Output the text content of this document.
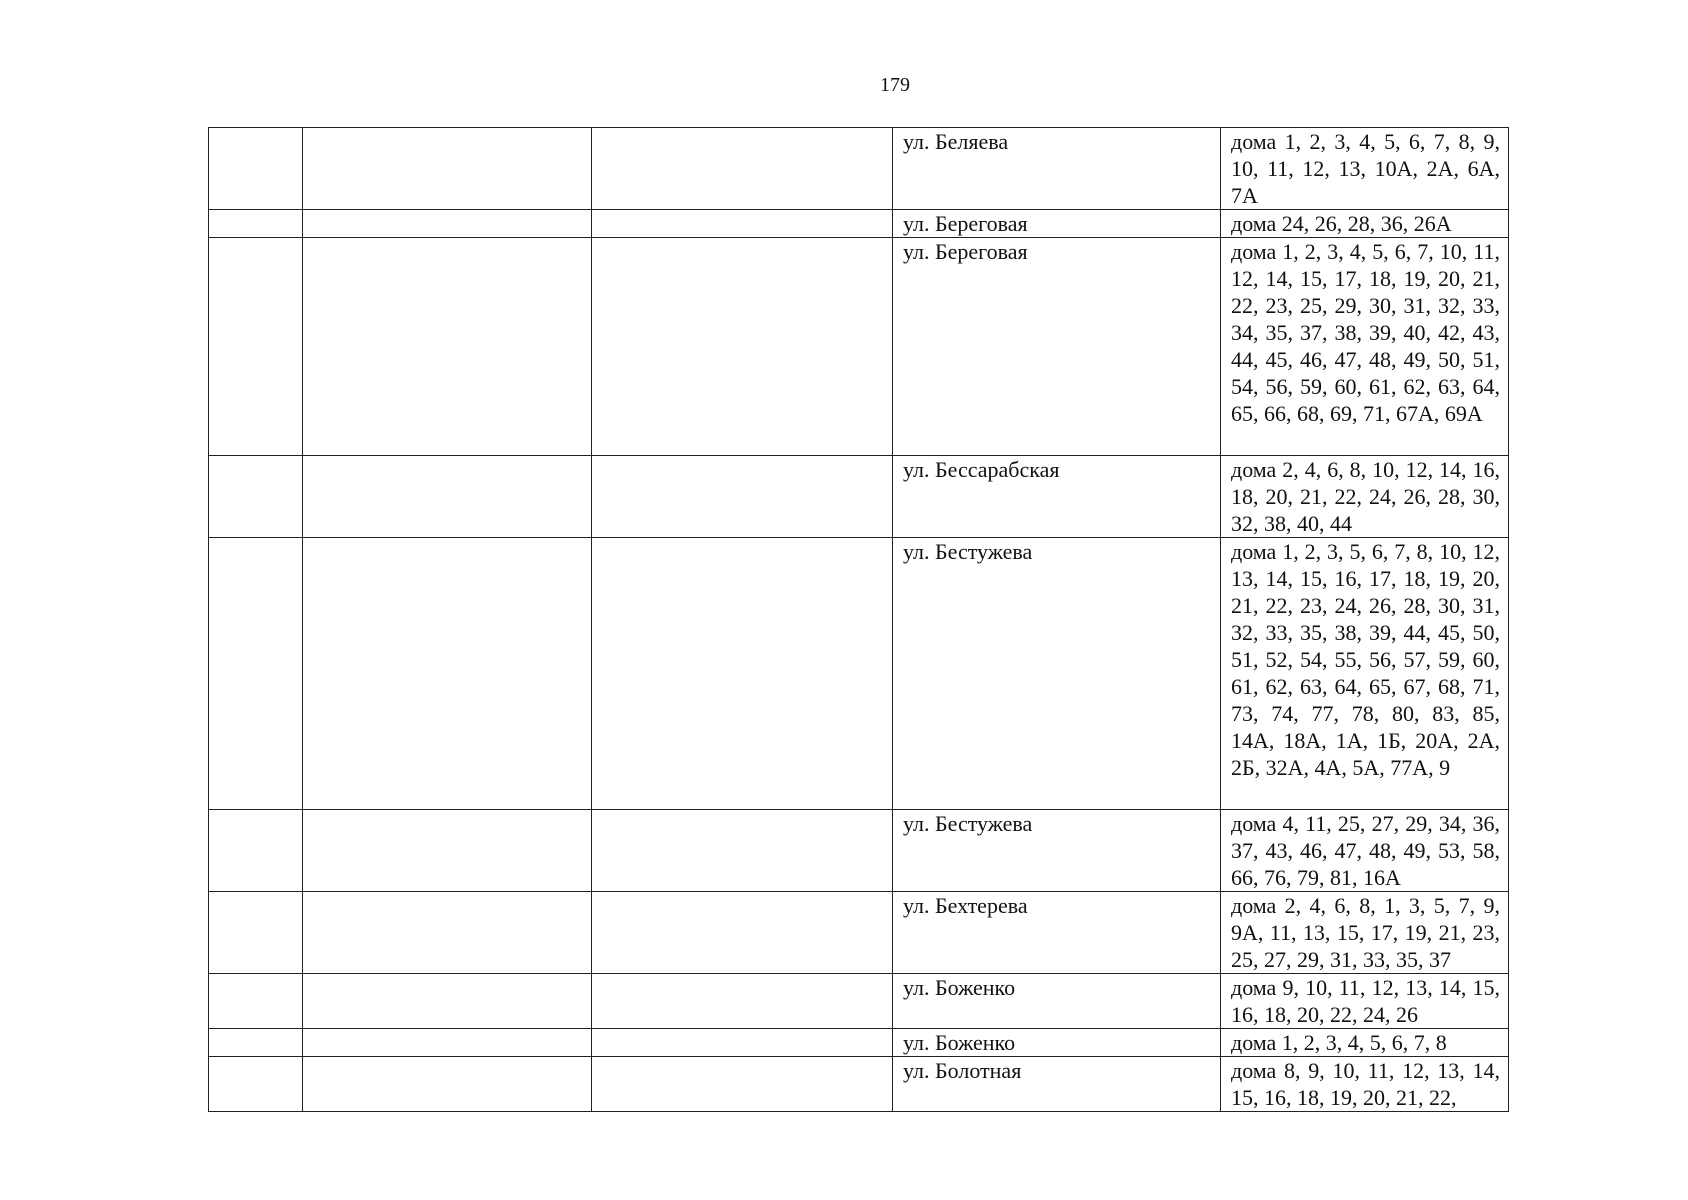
179
			ул. Беляева	дома 1, 2, 3, 4, 5, 6, 7, 8, 9, 10, 11, 12, 13, 10А, 2А, 6А, 7А
			ул. Береговая	дома 24, 26, 28, 36, 26А
			ул. Береговая	дома 1, 2, 3, 4, 5, 6, 7, 10, 11, 12, 14, 15, 17, 18, 19, 20, 21, 22, 23, 25, 29, 30, 31, 32, 33, 34, 35, 37, 38, 39, 40, 42, 43, 44, 45, 46, 47, 48, 49, 50, 51, 54, 56, 59, 60, 61, 62, 63, 64, 65, 66, 68, 69, 71, 67А, 69А
			ул. Бессарабская	дома 2, 4, 6, 8, 10, 12, 14, 16, 18, 20, 21, 22, 24, 26, 28, 30, 32, 38, 40, 44
			ул. Бестужева	дома 1, 2, 3, 5, 6, 7, 8, 10, 12, 13, 14, 15, 16, 17, 18, 19, 20, 21, 22, 23, 24, 26, 28, 30, 31, 32, 33, 35, 38, 39, 44, 45, 50, 51, 52, 54, 55, 56, 57, 59, 60, 61, 62, 63, 64, 65, 67, 68, 71, 73, 74, 77, 78, 80, 83, 85, 14А, 18А, 1А, 1Б, 20А, 2А, 2Б, 32А, 4А, 5А, 77А, 9
			ул. Бестужева	дома 4, 11, 25, 27, 29, 34, 36, 37, 43, 46, 47, 48, 49, 53, 58, 66, 76, 79, 81, 16А
			ул. Бехтерева	дома 2, 4, 6, 8, 1, 3, 5, 7, 9, 9А, 11, 13, 15, 17, 19, 21, 23, 25, 27, 29, 31, 33, 35, 37
			ул. Боженко	дома 9, 10, 11, 12, 13, 14, 15, 16, 18, 20, 22, 24, 26
			ул. Боженко	дома 1, 2, 3, 4, 5, 6, 7, 8
			ул. Болотная	дома 8, 9, 10, 11, 12, 13, 14, 15, 16, 18, 19, 20, 21, 22,
